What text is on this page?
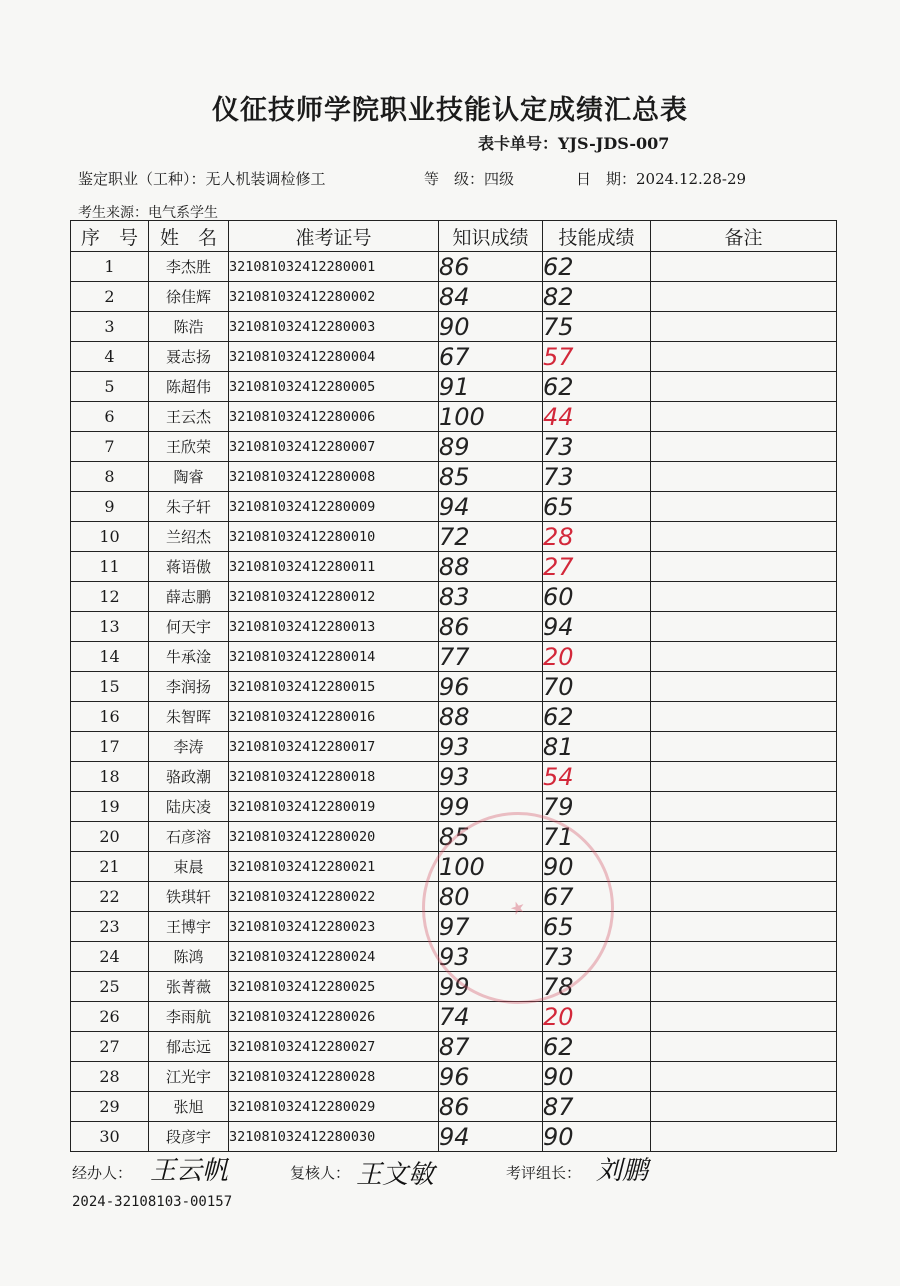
仪征技师学院职业技能认定成绩汇总表
表卡单号：YJS-JDS-007
鉴定职业（工种）：无人机装调检修工	等　级：四级	日　期：2024.12.28-29
考生来源：电气系学生
序　号	姓　名	准考证号	知识成绩	技能成绩	备注
1	李杰胜	321081032412280001	86	62	
2	徐佳辉	321081032412280002	84	82	
3	陈浩	321081032412280003	90	75	
4	聂志扬	321081032412280004	67	57	
5	陈超伟	321081032412280005	91	62	
6	王云杰	321081032412280006	100	44	
7	王欣荣	321081032412280007	89	73	
8	陶睿	321081032412280008	85	73	
9	朱子轩	321081032412280009	94	65	
10	兰绍杰	321081032412280010	72	28	
11	蒋语傲	321081032412280011	88	27	
12	薛志鹏	321081032412280012	83	60	
13	何天宇	321081032412280013	86	94	
14	牛承淦	321081032412280014	77	20	
15	李润扬	321081032412280015	96	70	
16	朱智晖	321081032412280016	88	62	
17	李涛	321081032412280017	93	81	
18	骆政潮	321081032412280018	93	54	
19	陆庆凌	321081032412280019	99	79	
20	石彦溶	321081032412280020	85	71	
21	束晨	321081032412280021	100	90	
22	铁琪轩	321081032412280022	80	67	
23	王博宇	321081032412280023	97	65	
24	陈鸿	321081032412280024	93	73	
25	张菁薇	321081032412280025	99	78	
26	李雨航	321081032412280026	74	20	
27	郁志远	321081032412280027	87	62	
28	江光宇	321081032412280028	96	90	
29	张旭	321081032412280029	86	87	
30	段彦宇	321081032412280030	94	90	
★
经办人： 王云帆	复核人： 王文敏	考评组长： 刘鹏
2024-32108103-00157
